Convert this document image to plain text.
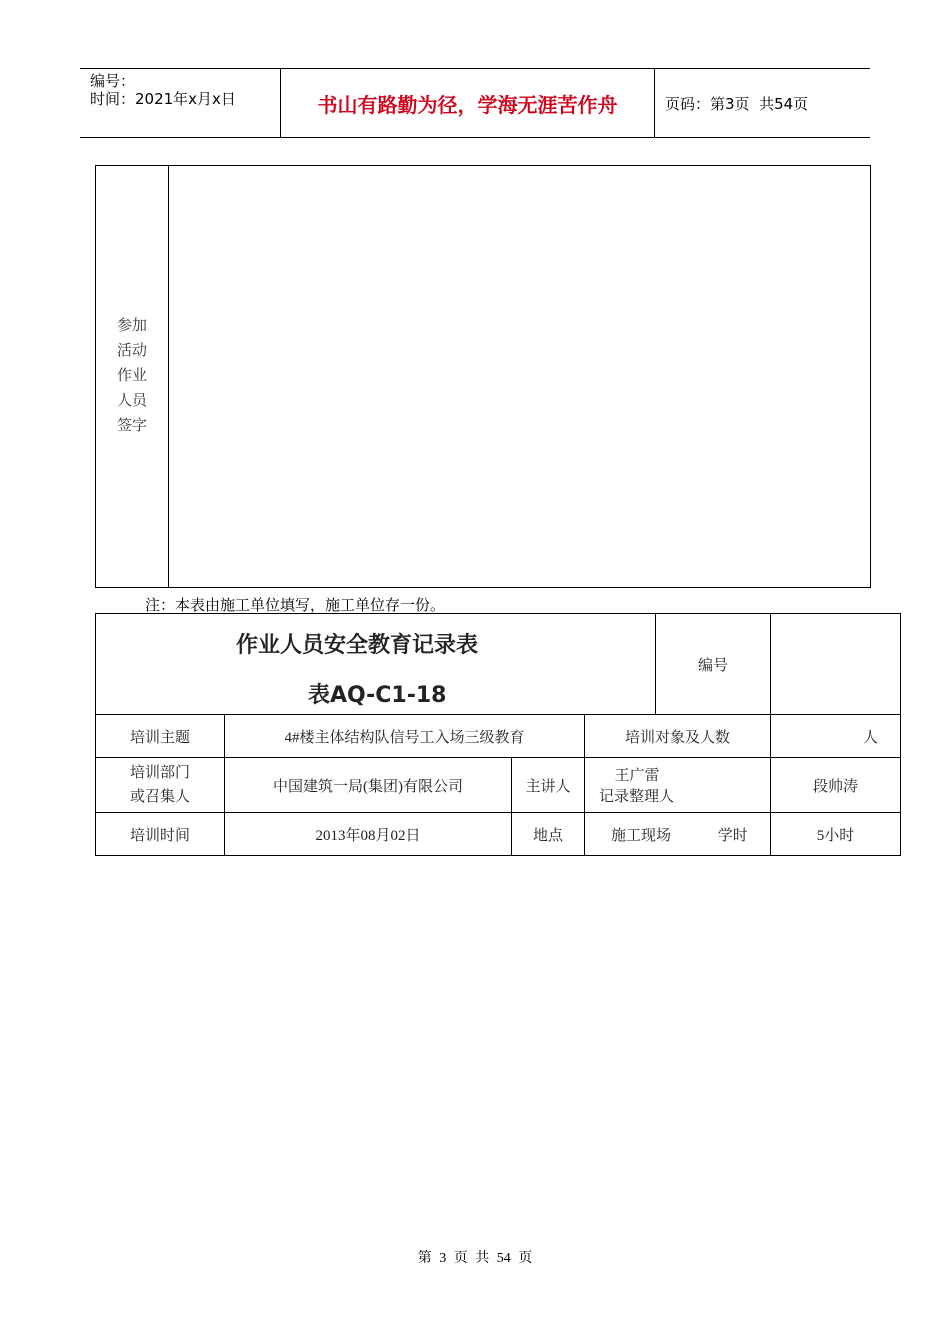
编号：
时间：2021年x月x日	书山有路勤为径，学海无涯苦作舟	页码：第3页  共54页
参加
活动
作业
人员
签字
注：本表由施工单位填写，施工单位存一份。
作业人员安全教育记录表
表AQ-C1-18				编号	
培训主题	4#楼主体结构队信号工入场三级教育		培训对象及人数		人

培训部门或召集人	中国建筑一局(集团)有限公司	主讲人	王广雷 记录整理人		段帅涛
培训时间	2013年08月02日	地点	施工现场 学时		5小时
第 3 页 共 54 页
